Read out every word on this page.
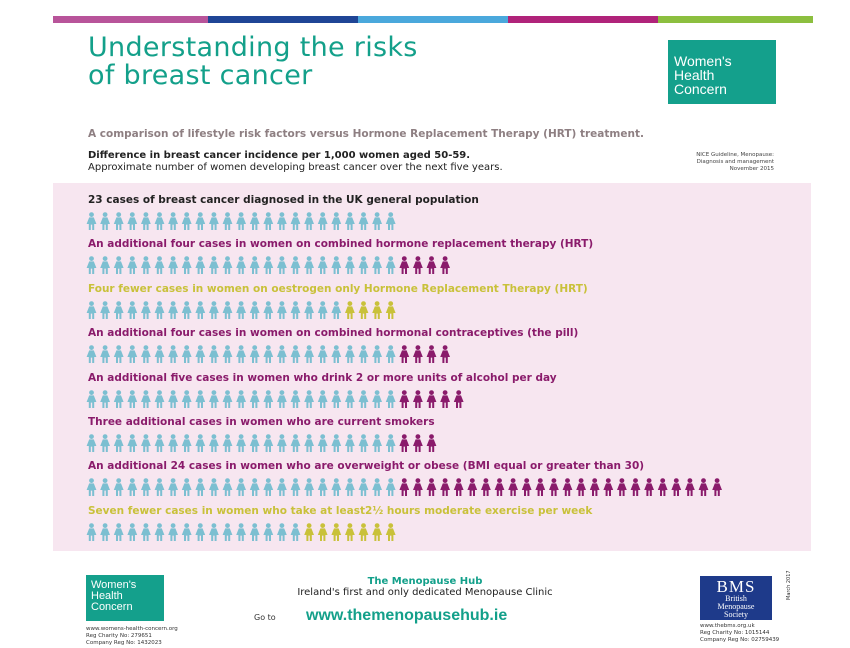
Understanding the risks
of breast cancer	Women's
Health
Concern
A comparison of lifestyle risk factors versus Hormone Replacement Therapy (HRT) treatment.
Difference in breast cancer incidence per 1,000 women aged 50-59.
Approximate number of women developing breast cancer over the next five years.
NICE Guideline, Menopause:
Diagnosis and management
November 2015
23 cases of breast cancer diagnosed in the UK general population
An additional four cases in women on combined hormone replacement therapy (HRT)
Four fewer cases in women on oestrogen only Hormone Replacement Therapy (HRT)
An additional four cases in women on combined hormonal contraceptives (the pill)
An additional five cases in women who drink 2 or more units of alcohol per day
Three additional cases in women who are current smokers
An additional 24 cases in women who are overweight or obese (BMI equal or greater than 30)
Seven fewer cases in women who take at least2½ hours moderate exercise per week
Women's
Health
Concern
www.womens-health-concern.org
Reg Charity No: 279651
Company Reg No: 1432023
The Menopause Hub
Ireland's first and only dedicated Menopause Clinic
Go to www.themenopausehub.ie
BMS
British
Menopause
Society
www.thebms.org.uk
Reg Charity No: 1015144
Company Reg No: 02759439
March 2017
